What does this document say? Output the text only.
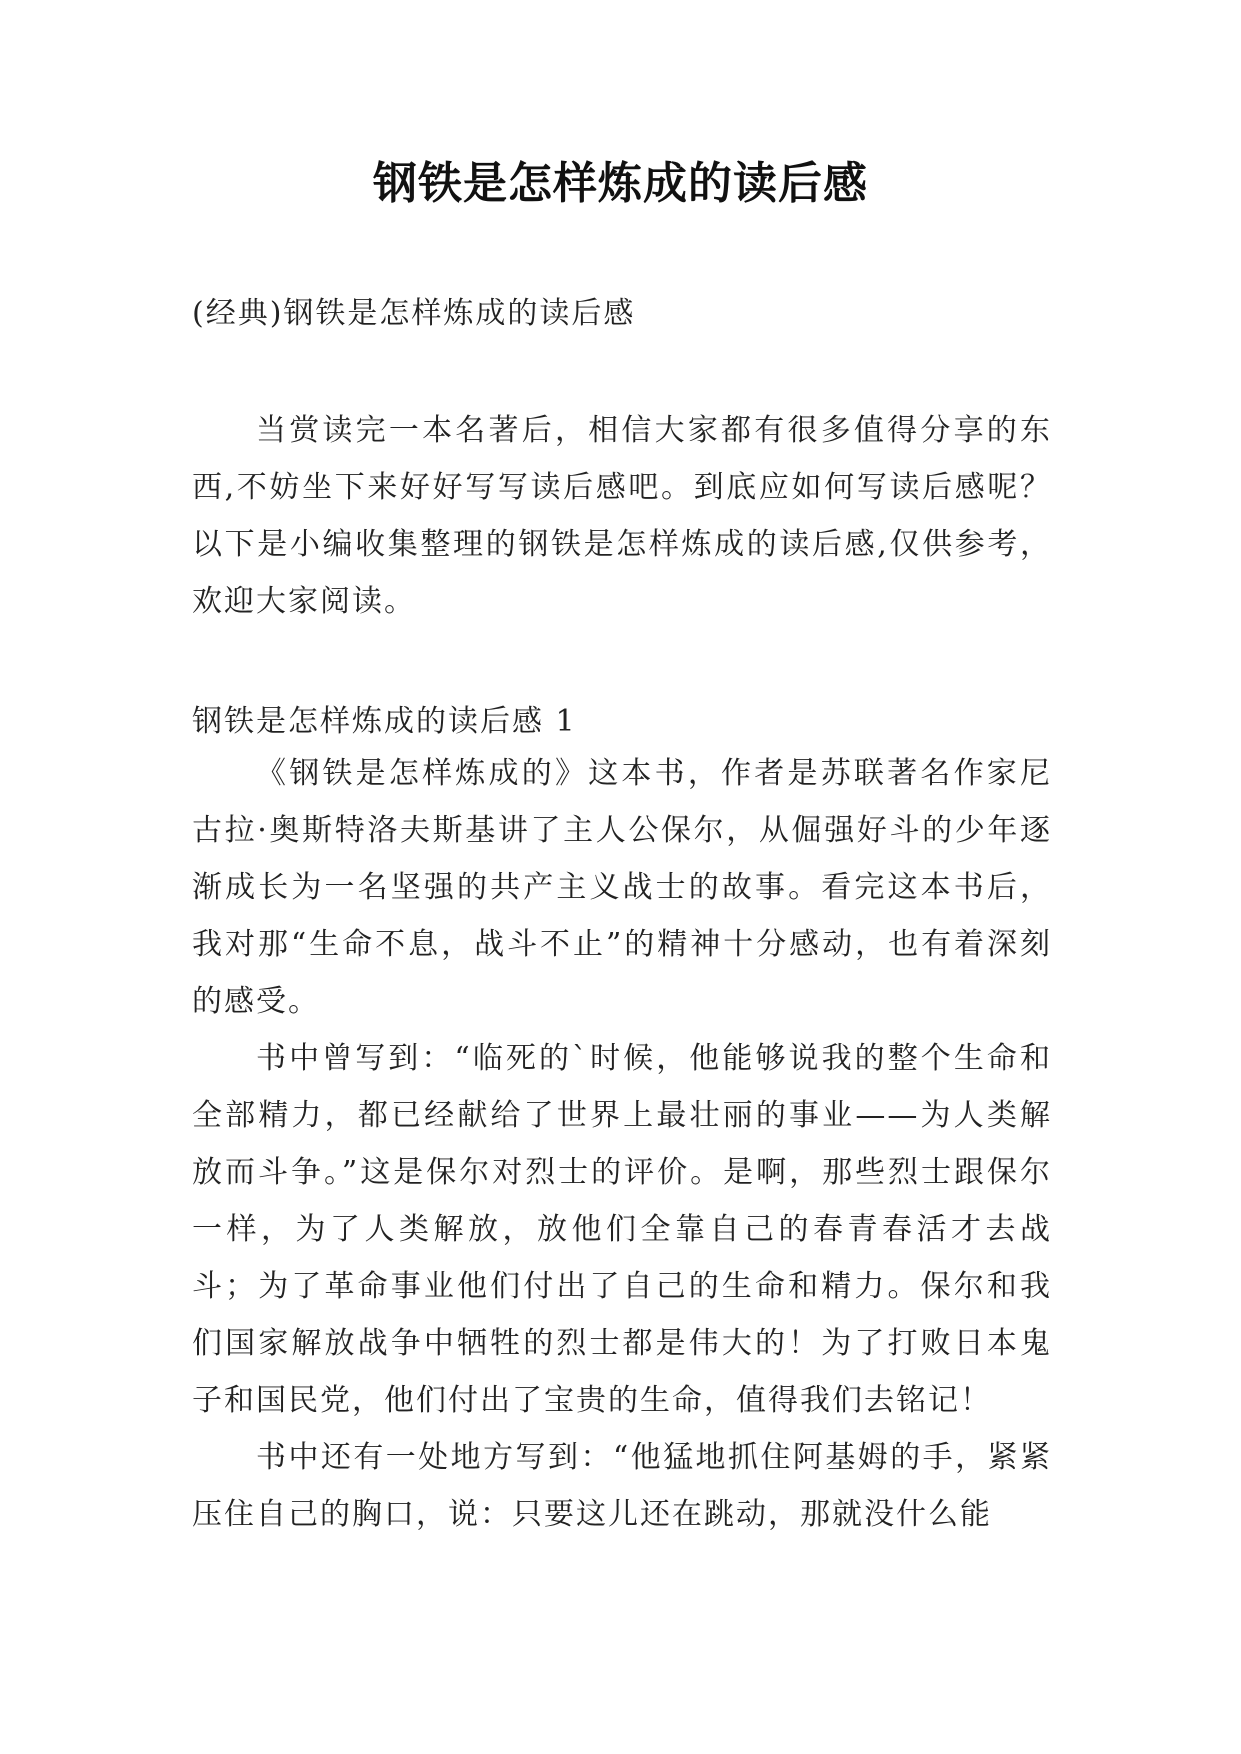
钢铁是怎样炼成的读后感
(经典)钢铁是怎样炼成的读后感

当赏读完一本名著后，相信大家都有很多值得分享的东西,不妨坐下来好好写写读后感吧。到底应如何写读后感呢？以下是小编收集整理的钢铁是怎样炼成的读后感,仅供参考，欢迎大家阅读。

钢铁是怎样炼成的读后感 1

《钢铁是怎样炼成的》这本书，作者是苏联著名作家尼古拉·奥斯特洛夫斯基讲了主人公保尔，从倔强好斗的少年逐渐成长为一名坚强的共产主义战士的故事。看完这本书后，我对那“生命不息，战斗不止”的精神十分感动，也有着深刻的感受。

书中曾写到：“临死的`时候，他能够说我的整个生命和全部精力，都已经献给了世界上最壮丽的事业——为人类解放而斗争。”这是保尔对烈士的评价。是啊，那些烈士跟保尔一样，为了人类解放，放他们全靠自己的春青春活才去战斗；为了革命事业他们付出了自己的生命和精力。保尔和我们国家解放战争中牺牲的烈士都是伟大的！为了打败日本鬼子和国民党，他们付出了宝贵的生命，值得我们去铭记！

书中还有一处地方写到：“他猛地抓住阿基姆的手，紧紧压住自己的胸口，说：只要这儿还在跳动，那就没什么能
